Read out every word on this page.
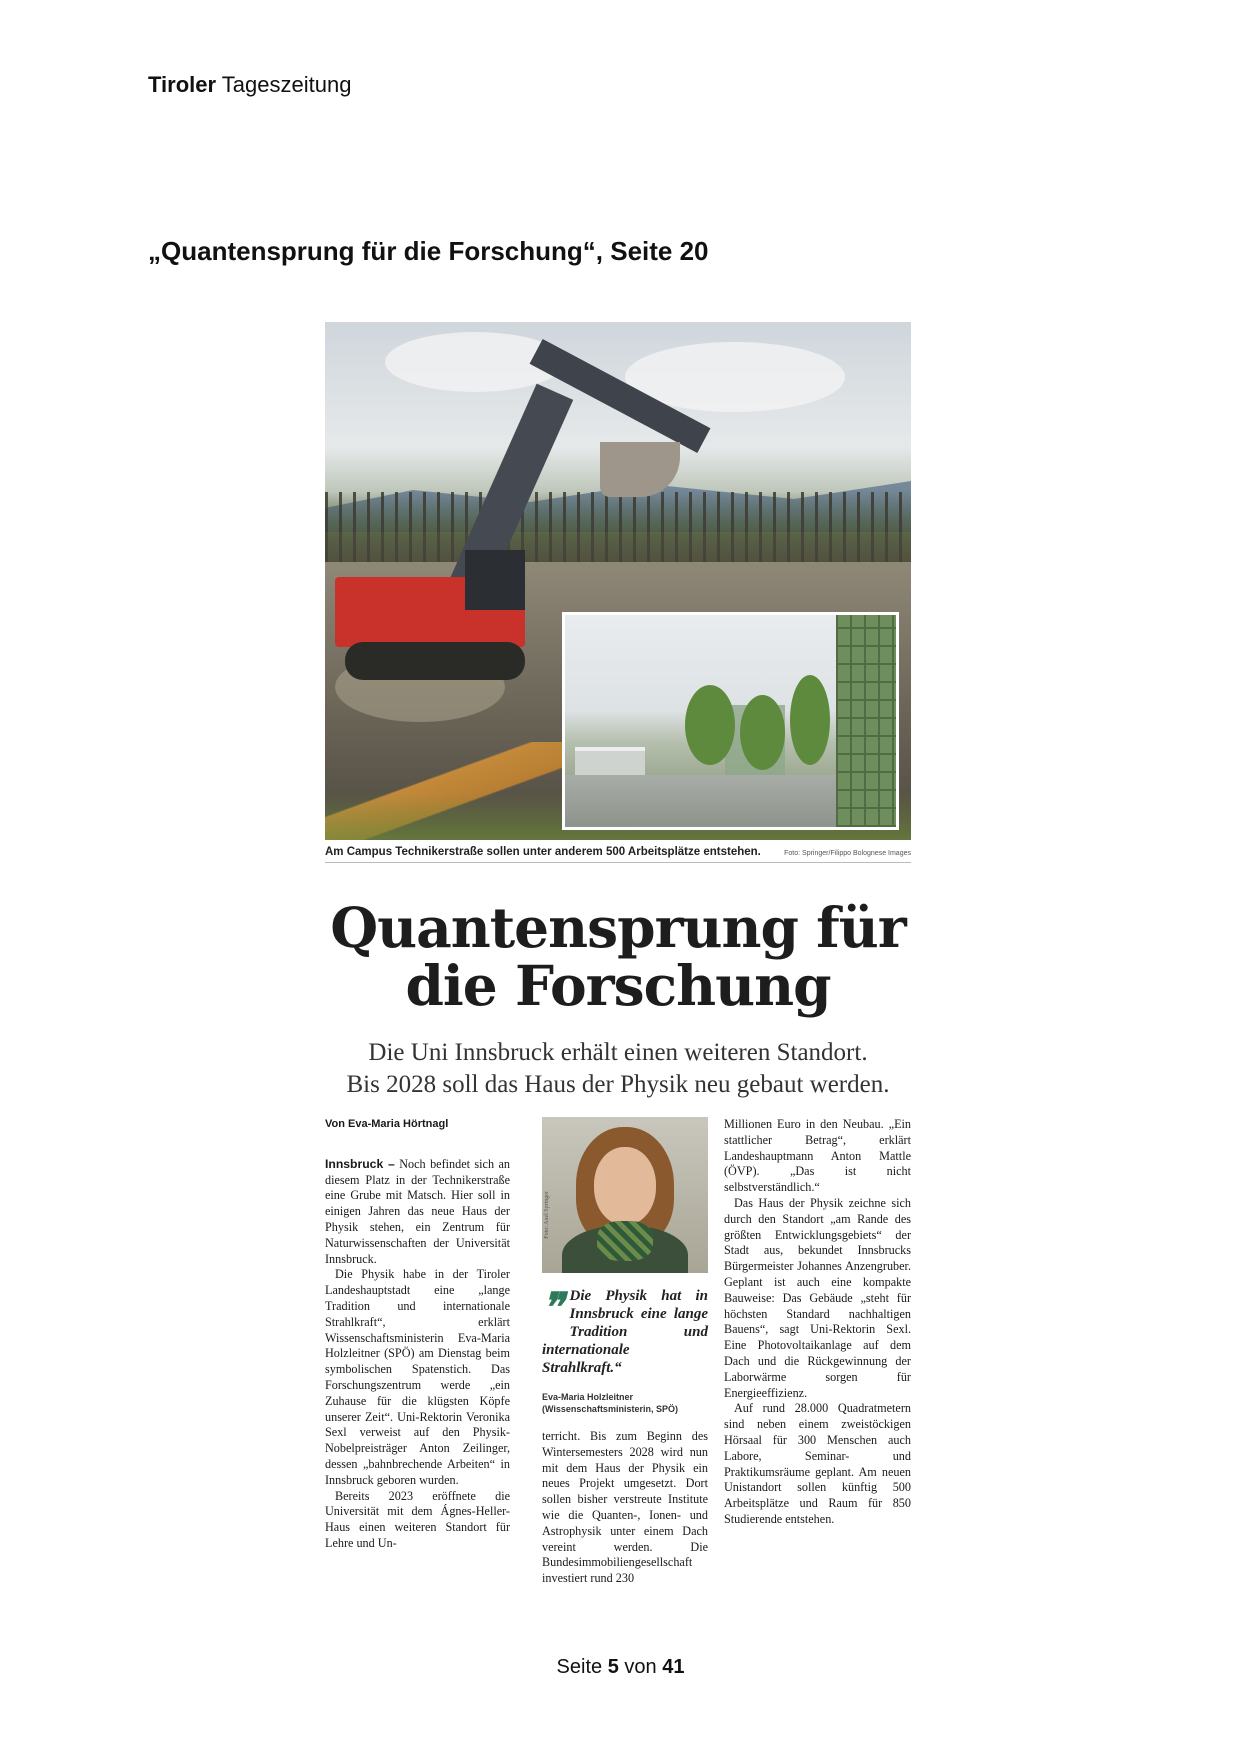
Tiroler Tageszeitung
„Quantensprung für die Forschung“, Seite 20
Am Campus Technikerstraße sollen unter anderem 500 Arbeitsplätze entstehen.	Foto: Springer/Filippo Bolognese Images
Quantensprung für
die Forschung
Die Uni Innsbruck erhält einen weiteren Standort.
Bis 2028 soll das Haus der Physik neu gebaut werden.
Von Eva-Maria Hörtnagl

Innsbruck – Noch befindet sich an diesem Platz in der Technikerstraße eine Grube mit Matsch. Hier soll in einigen Jahren das neue Haus der Physik stehen, ein Zentrum für Naturwissenschaften der Universität Innsbruck.

Die Physik habe in der Tiroler Landeshauptstadt eine „lange Tradition und internationale Strahlkraft“, erklärt Wissenschaftsministerin Eva-Maria Holzleitner (SPÖ) am Dienstag beim symbolischen Spatenstich. Das Forschungszentrum werde „ein Zuhause für die klügsten Köpfe unserer Zeit“. Uni-Rektorin Veronika Sexl verweist auf den Physik-Nobelpreisträger Anton Zeilinger, dessen „bahnbrechende Arbeiten“ in Innsbruck geboren wurden.

Bereits 2023 eröffnete die Universität mit dem Ágnes-Heller-Haus einen weiteren Standort für Lehre und Un-

Foto: Axel Springer
❞ Die Physik hat in Innsbruck eine lange Tradition und internationale Strahlkraft.“
Eva-Maria Holzleitner
(Wissenschaftsministerin, SPÖ)

terricht. Bis zum Beginn des Wintersemesters 2028 wird nun mit dem Haus der Physik ein neues Projekt umgesetzt. Dort sollen bisher verstreute Institute wie die Quanten-, Ionen- und Astrophysik unter einem Dach vereint werden. Die Bundesimmobiliengesellschaft investiert rund 230

Millionen Euro in den Neubau. „Ein stattlicher Betrag“, erklärt Landeshauptmann Anton Mattle (ÖVP). „Das ist nicht selbstverständlich.“

Das Haus der Physik zeichne sich durch den Standort „am Rande des größten Entwicklungsgebiets“ der Stadt aus, bekundet Innsbrucks Bürgermeister Johannes Anzengruber. Geplant ist auch eine kompakte Bauweise: Das Gebäude „steht für höchsten Standard nachhaltigen Bauens“, sagt Uni-Rektorin Sexl. Eine Photovoltaikanlage auf dem Dach und die Rückgewinnung der Laborwärme sorgen für Energieeffizienz.

Auf rund 28.000 Quadratmetern sind neben einem zweistöckigen Hörsaal für 300 Menschen auch Labore, Seminar- und Praktikumsräume geplant. Am neuen Unistandort sollen künftig 500 Arbeitsplätze und Raum für 850 Studierende entstehen.

Seite 5 von 41
